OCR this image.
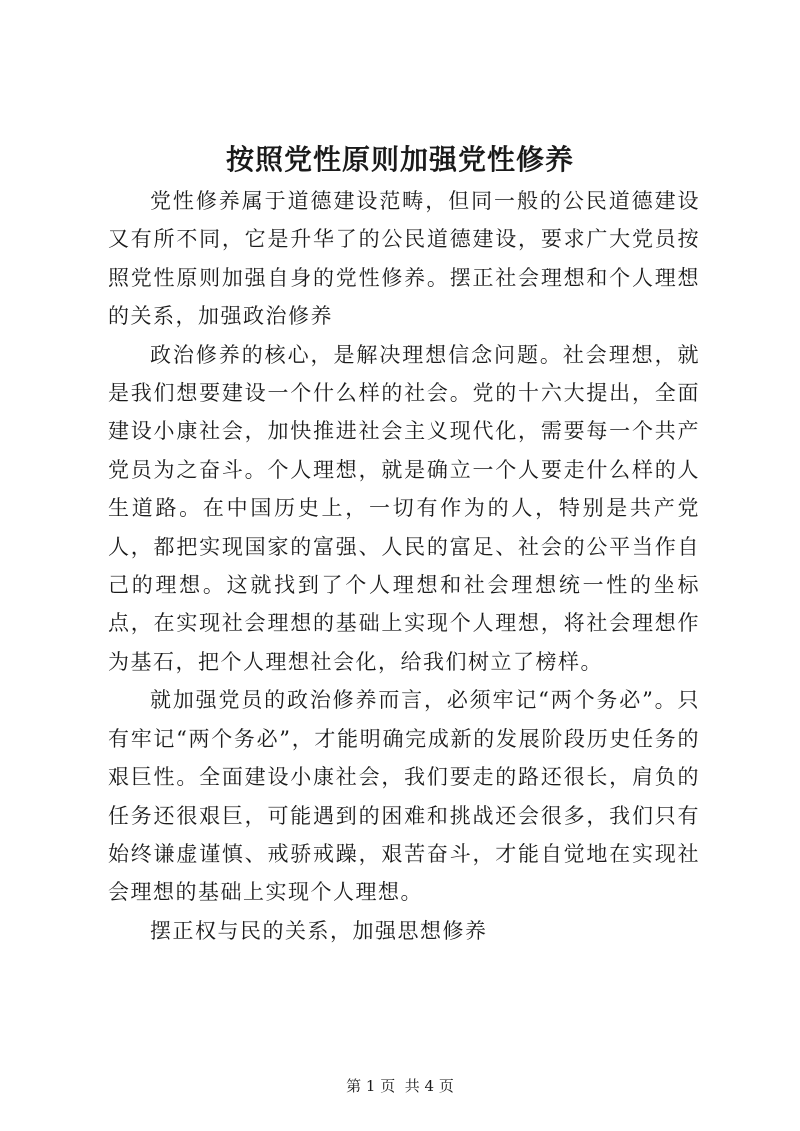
按照党性原则加强党性修养

党性修养属于道德建设范畴，但同一般的公民道德建设又有所不同，它是升华了的公民道德建设，要求广大党员按照党性原则加强自身的党性修养。摆正社会理想和个人理想的关系，加强政治修养

政治修养的核心，是解决理想信念问题。社会理想，就是我们想要建设一个什么样的社会。党的十六大提出，全面建设小康社会，加快推进社会主义现代化，需要每一个共产党员为之奋斗。个人理想，就是确立一个人要走什么样的人生道路。在中国历史上，一切有作为的人，特别是共产党人，都把实现国家的富强、人民的富足、社会的公平当作自己的理想。这就找到了个人理想和社会理想统一性的坐标点，在实现社会理想的基础上实现个人理想，将社会理想作为基石，把个人理想社会化，给我们树立了榜样。

就加强党员的政治修养而言，必须牢记“两个务必”。只有牢记“两个务必”，才能明确完成新的发展阶段历史任务的艰巨性。全面建设小康社会，我们要走的路还很长，肩负的任务还很艰巨，可能遇到的困难和挑战还会很多，我们只有始终谦虚谨慎、戒骄戒躁，艰苦奋斗，才能自觉地在实现社会理想的基础上实现个人理想。

摆正权与民的关系，加强思想修养

第 1 页  共 4 页
